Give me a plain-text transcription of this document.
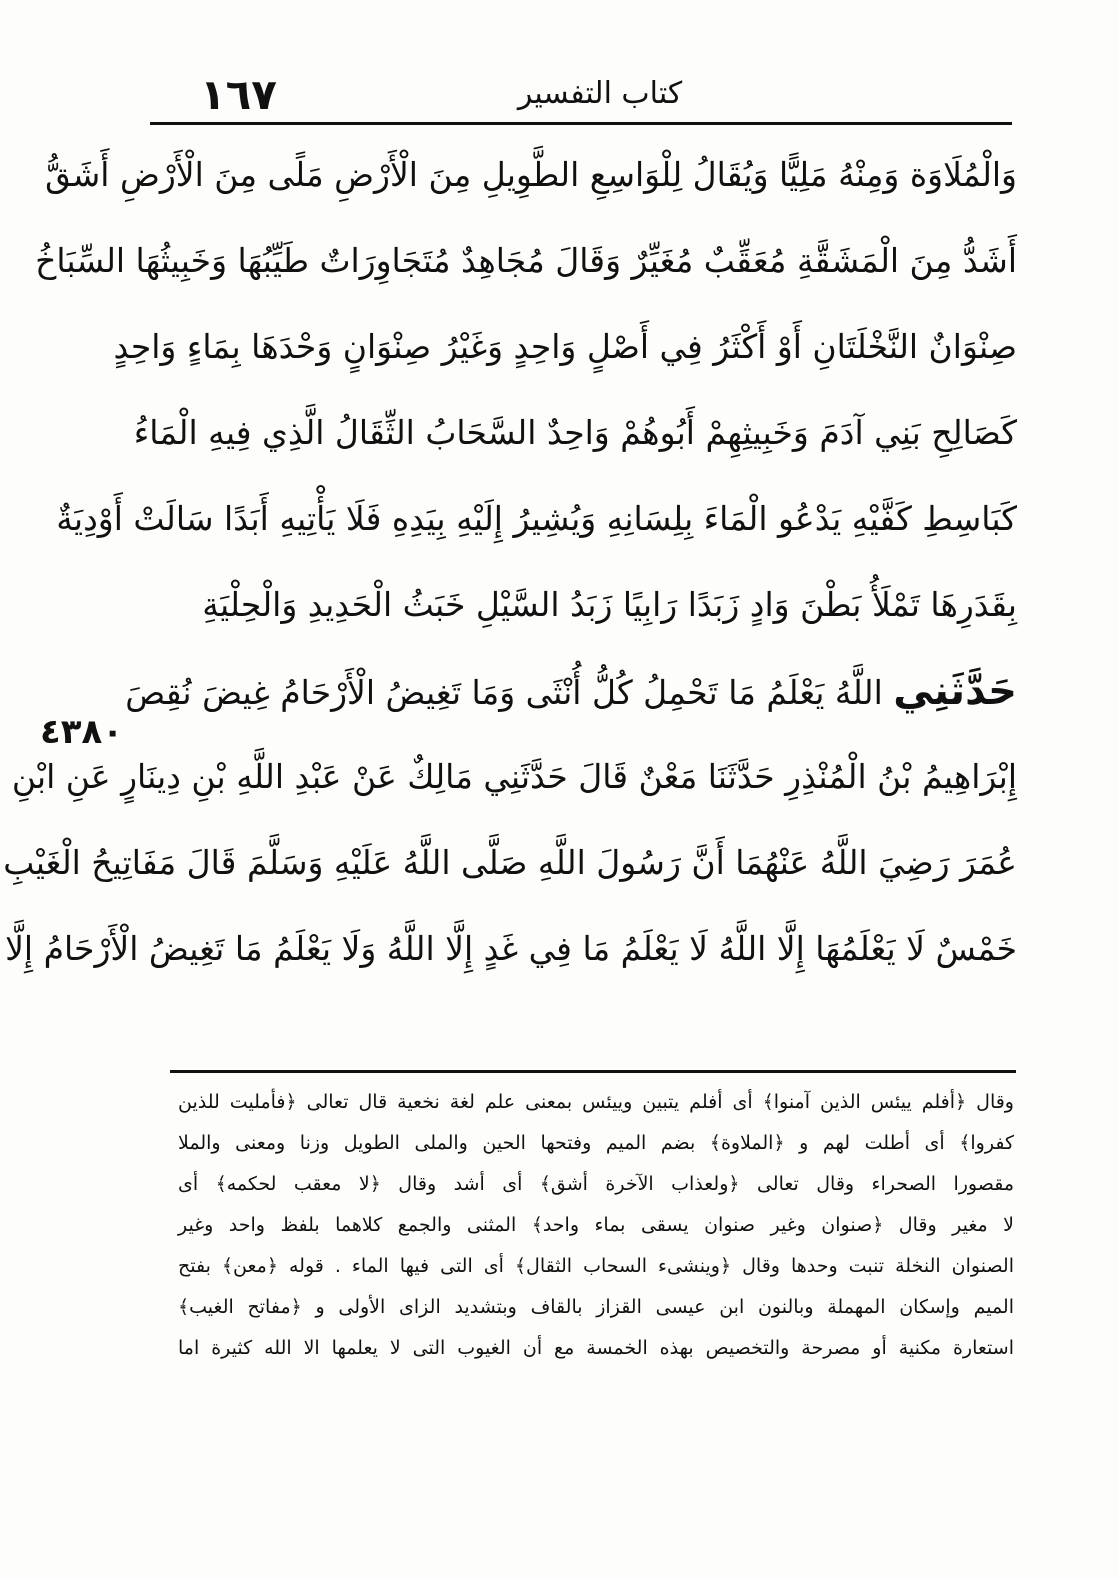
١٦٧	كتاب التفسير
وَالْمُلَاوَة وَمِنْهُ مَلِيًّا وَيُقَالُ لِلْوَاسِعِ الطَّوِيلِ مِنَ الْأَرْضِ مَلًى مِنَ الْأَرْضِ أَشَقُّ
أَشَدُّ مِنَ الْمَشَقَّةِ مُعَقِّبٌ مُغَيِّرٌ وَقَالَ مُجَاهِدٌ مُتَجَاوِرَاتٌ طَيِّبُهَا وَخَبِيثُهَا السِّبَاخُ
صِنْوَانٌ النَّخْلَتَانِ أَوْ أَكْثَرُ فِي أَصْلٍ وَاحِدٍ وَغَيْرُ صِنْوَانٍ وَحْدَهَا بِمَاءٍ وَاحِدٍ
كَصَالِحِ بَنِي آدَمَ وَخَبِيثِهِمْ أَبُوهُمْ وَاحِدٌ السَّحَابُ الثِّقَالُ الَّذِي فِيهِ الْمَاءُ
كَبَاسِطِ كَفَّيْهِ يَدْعُو الْمَاءَ بِلِسَانِهِ وَيُشِيرُ إِلَيْهِ بِيَدِهِ فَلَا يَأْتِيهِ أَبَدًا سَالَتْ أَوْدِيَةٌ
بِقَدَرِهَا تَمْلَأُ بَطْنَ وَادٍ زَبَدًا رَابِيًا زَبَدُ السَّيْلِ خَبَثُ الْحَدِيدِ وَالْحِلْيَةِ
حَدَّثَنِي اللَّهُ يَعْلَمُ مَا تَحْمِلُ كُلُّ أُنْثَى وَمَا تَغِيضُ الْأَرْحَامُ غِيضَ نُقِصَ
إِبْرَاهِيمُ بْنُ الْمُنْذِرِ حَدَّثَنَا مَعْنٌ قَالَ حَدَّثَنِي مَالِكٌ عَنْ عَبْدِ اللَّهِ بْنِ دِينَارٍ عَنِ ابْنِ
عُمَرَ رَضِيَ اللَّهُ عَنْهُمَا أَنَّ رَسُولَ اللَّهِ صَلَّى اللَّهُ عَلَيْهِ وَسَلَّمَ قَالَ مَفَاتِيحُ الْغَيْبِ
خَمْسٌ لَا يَعْلَمُهَا إِلَّا اللَّهُ لَا يَعْلَمُ مَا فِي غَدٍ إِلَّا اللَّهُ وَلَا يَعْلَمُ مَا تَغِيضُ الْأَرْحَامُ إِلَّا
٤٣٨٠
وقال ﴿أفلم ييئس الذين آمنوا﴾ أى أفلم يتبين وييئس بمعنى علم لغة نخعية قال تعالى ﴿فأمليت للذين
كفروا﴾ أى أطلت لهم و ﴿الملاوة﴾ بضم الميم وفتحها الحين والملى الطويل وزنا ومعنى والملا
مقصورا الصحراء وقال تعالى ﴿ولعذاب الآخرة أشق﴾ أى أشد وقال ﴿لا معقب لحكمه﴾ أى
لا مغير وقال ﴿صنوان وغير صنوان يسقى بماء واحد﴾ المثنى والجمع كلاهما بلفظ واحد وغير
الصنوان النخلة تنبت وحدها وقال ﴿وينشىء السحاب الثقال﴾ أى التى فيها الماء . قوله ﴿معن﴾ بفتح
الميم وإسكان المهملة وبالنون ابن عيسى القزاز بالقاف وبتشديد الزاى الأولى و ﴿مفاتح الغيب﴾
استعارة مكنية أو مصرحة والتخصيص بهذه الخمسة مع أن الغيوب التى لا يعلمها الا الله كثيرة اما
